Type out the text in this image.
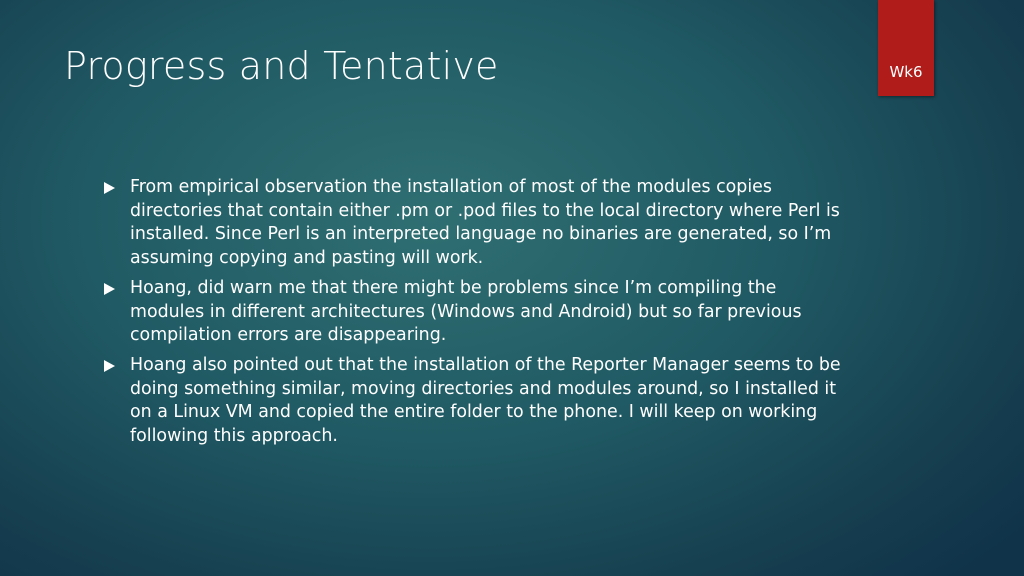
Progress and Tentative	Wk6
From empirical observation the installation of most of the modules copies directories that contain either .pm or .pod files to the local directory where Perl is installed. Since Perl is an interpreted language no binaries are generated, so I’m assuming copying and pasting will work.
Hoang, did warn me that there might be problems since I’m compiling the modules in different architectures (Windows and Android) but so far previous compilation errors are disappearing.
Hoang also pointed out that the installation of the Reporter Manager seems to be doing something similar, moving directories and modules around, so I installed it on a Linux VM and copied the entire folder to the phone. I will keep on working following this approach.
